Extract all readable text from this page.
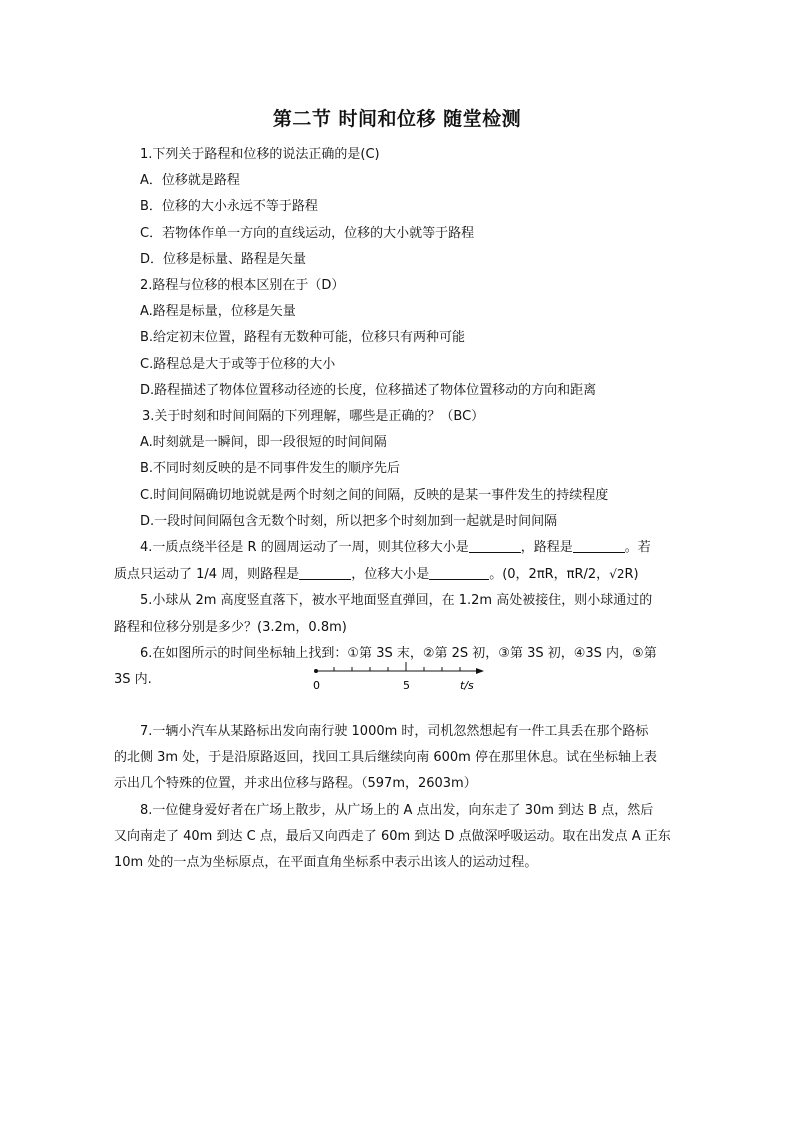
第二节 时间和位移 随堂检测
1.下列关于路程和位移的说法正确的是(C)
A．位移就是路程
B．位移的大小永远不等于路程
C．若物体作单一方向的直线运动，位移的大小就等于路程
D．位移是标量、路程是矢量
2.路程与位移的根本区别在于（D）
A.路程是标量，位移是矢量
B.给定初末位置，路程有无数种可能，位移只有两种可能
C.路程总是大于或等于位移的大小
D.路程描述了物体位置移动径迹的长度，位移描述了物体位置移动的方向和距离
3.关于时刻和时间间隔的下列理解，哪些是正确的？（BC）
A.时刻就是一瞬间，即一段很短的时间间隔
B.不同时刻反映的是不同事件发生的顺序先后
C.时间间隔确切地说就是两个时刻之间的间隔，反映的是某一事件发生的持续程度
D.一段时间间隔包含无数个时刻，所以把多个时刻加到一起就是时间间隔
4.一质点绕半径是 R 的圆周运动了一周，则其位移大小是	，路程是	。若
质点只运动了 1/4 周，则路程是	，位移大小是	。(0，2πR，πR/2，√2R)
5.小球从 2m 高度竖直落下，被水平地面竖直弹回，在 1.2m 高处被接住，则小球通过的
路程和位移分别是多少？(3.2m，0.8m)
6.在如图所示的时间坐标轴上找到：①第 3S 末，②第 2S 初，③第 3S 初，④3S 内，⑤第
3S 内.	0	5	t/s
7.一辆小汽车从某路标出发向南行驶 1000m 时，司机忽然想起有一件工具丢在那个路标
的北侧 3m 处，于是沿原路返回，找回工具后继续向南 600m 停在那里休息。试在坐标轴上表
示出几个特殊的位置，并求出位移与路程。（597m，2603m）
8.一位健身爱好者在广场上散步，从广场上的 A 点出发，向东走了 30m 到达 B 点，然后
又向南走了 40m 到达 C 点，最后又向西走了 60m 到达 D 点做深呼吸运动。取在出发点 A 正东
10m 处的一点为坐标原点，在平面直角坐标系中表示出该人的运动过程。
